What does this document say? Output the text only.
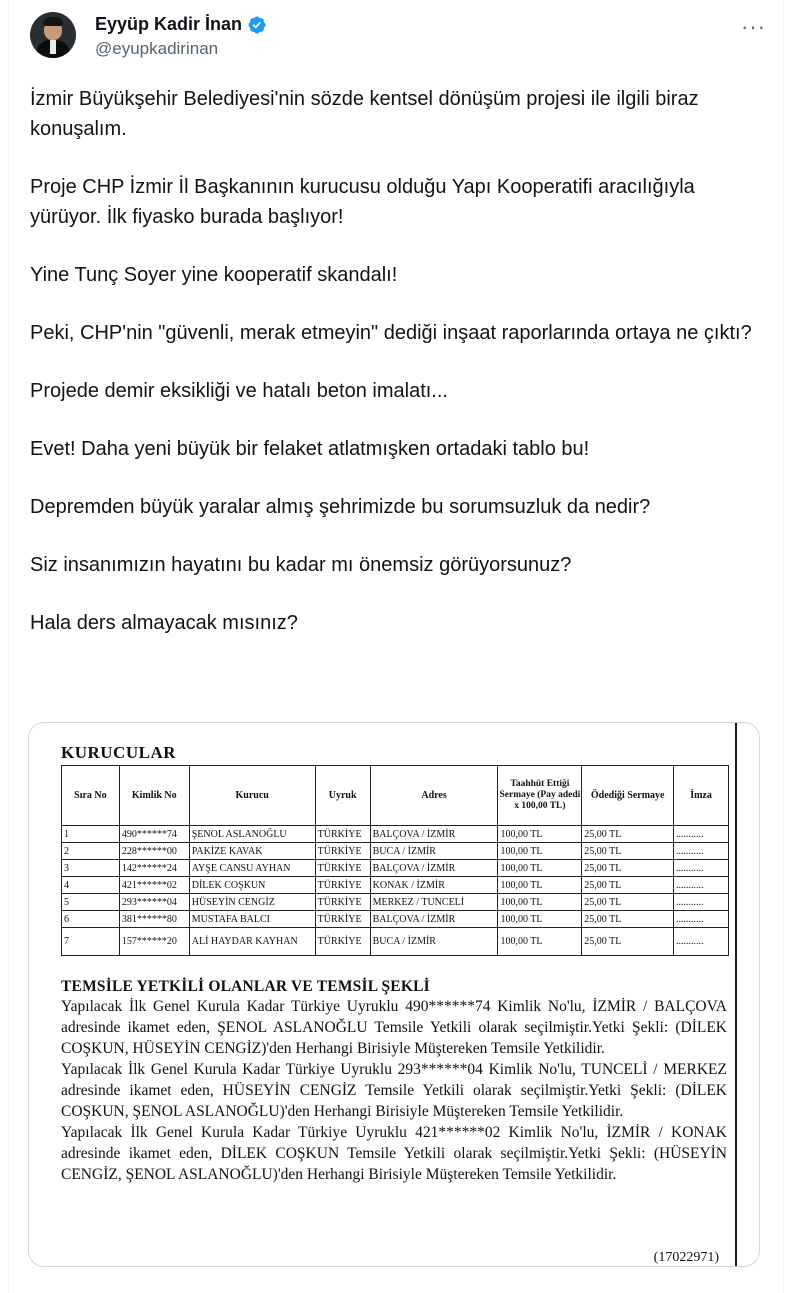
Eyyüp Kadir İnan
@eyupkadirinan
···
İzmir Büyükşehir Belediyesi'nin sözde kentsel dönüşüm projesi ile ilgili biraz konuşalım.
Proje CHP İzmir İl Başkanının kurucusu olduğu Yapı Kooperatifi aracılığıyla yürüyor. İlk fiyasko burada başlıyor!
Yine Tunç Soyer yine kooperatif skandalı!
Peki, CHP'nin "güvenli, merak etmeyin" dediği inşaat raporlarında ortaya ne çıktı?
Projede demir eksikliği ve hatalı beton imalatı...
Evet! Daha yeni büyük bir felaket atlatmışken ortadaki tablo bu!
Depremden büyük yaralar almış şehrimizde bu sorumsuzluk da nedir?
Siz insanımızın hayatını bu kadar mı önemsiz görüyorsunuz?
Hala ders almayacak mısınız?
KURUCULAR
Sıra No	Kimlik No	Kurucu	Uyruk	Adres	Taahhüt Ettiği Sermaye (Pay adedi x 100,00 TL)	Ödediği Sermaye	İmza
1	490******74	ŞENOL ASLANOĞLU	TÜRKİYE	BALÇOVA / İZMİR	100,00 TL	25,00 TL	...........
2	228******00	PAKİZE KAVAK	TÜRKİYE	BUCA / İZMİR	100,00 TL	25,00 TL	...........
3	142******24	AYŞE CANSU AYHAN	TÜRKİYE	BALÇOVA / İZMİR	100,00 TL	25,00 TL	...........
4	421******02	DİLEK COŞKUN	TÜRKİYE	KONAK / İZMİR	100,00 TL	25,00 TL	...........
5	293******04	HÜSEYİN CENGİZ	TÜRKİYE	MERKEZ / TUNCELİ	100,00 TL	25,00 TL	...........
6	381******80	MUSTAFA BALCI	TÜRKİYE	BALÇOVA / İZMİR	100,00 TL	25,00 TL	...........
7	157******20	ALİ HAYDAR KAYHAN	TÜRKİYE	BUCA / İZMİR	100,00 TL	25,00 TL	...........
TEMSİLE YETKİLİ OLANLAR VE TEMSİL ŞEKLİ
Yapılacak İlk Genel Kurula Kadar Türkiye Uyruklu 490******74 Kimlik No'lu, İZMİR / BALÇOVA adresinde ikamet eden, ŞENOL ASLANOĞLU Temsile Yetkili olarak seçilmiştir.Yetki Şekli: (DİLEK COŞKUN, HÜSEYİN CENGİZ)'den Herhangi Birisiyle Müştereken Temsile Yetkilidir.
Yapılacak İlk Genel Kurula Kadar Türkiye Uyruklu 293******04 Kimlik No'lu, TUNCELİ / MERKEZ adresinde ikamet eden, HÜSEYİN CENGİZ Temsile Yetkili olarak seçilmiştir.Yetki Şekli: (DİLEK COŞKUN, ŞENOL ASLANOĞLU)'den Herhangi Birisiyle Müştereken Temsile Yetkilidir.
Yapılacak İlk Genel Kurula Kadar Türkiye Uyruklu 421******02 Kimlik No'lu, İZMİR / KONAK adresinde ikamet eden, DİLEK COŞKUN Temsile Yetkili olarak seçilmiştir.Yetki Şekli: (HÜSEYİN CENGİZ, ŞENOL ASLANOĞLU)'den Herhangi Birisiyle Müştereken Temsile Yetkilidir.
(17022971)
